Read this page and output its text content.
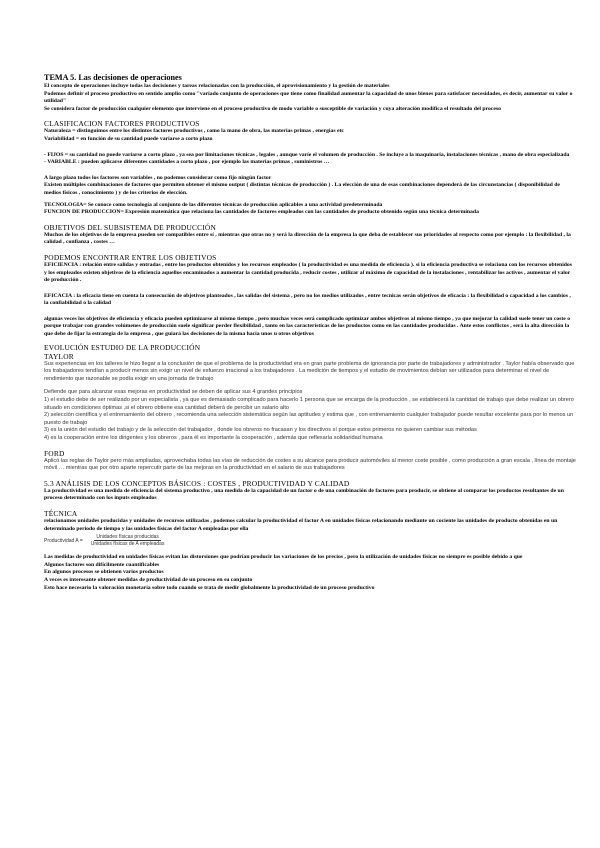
TEMA 5. Las decisiones de operaciones

El concepto de operaciones incluye todas las decisiones y tareas relacionadas con la producción, el aprovisionamiento y la gestión de materiales

Podemos definir el proceso productivo en sentido amplio como "variado conjunto de operaciones que tiene como finalidad aumentar la capacidad de unos bienes para satisfacer necesidades, es decir, aumentar su valor o utilidad"

Se considera factor de producción cualquier elemento que interviene en el proceso productivo de modo variable o susceptible de variación y cuya alteración modifica el resultado del proceso

CLASIFICACION FACTORES PRODUCTIVOS

Naturaleza = distinguimos entre los distintos factores productivos , como la mano de obra, las materias primas , energías etc

Variabilidad = en función de su cantidad puede variarse a corto plazo

- FIJOS = su cantidad no puede variarse a corto plazo , ya sea por limitaciones técnicas , legales , aunque varíe el volumen de producción . Se incluye a la maquinaria, instalaciones técnicas , mano de obra especializada

- VARIABLE : pueden aplicarse diferentes cantidades a corto plazo , por ejemplo las materias primas , suministros …

A largo plazo todos los factores son variables , no podemos considerar como fijo ningún factor

Existen múltiples combinaciones de factores que permiten obtener el mismo output ( distintas técnicas de producción ) . La elección de una de esas combinaciones dependerá de las circunstancias ( disponibilidad de medios físicos , conocimiento ) y de los criterios de elección.

TECNOLOGIA= Se conoce como tecnología al conjunto de las diferentes técnicas de producción aplicables a una actividad predeterminada

FUNCION DE PRODUCCION= Expresión matemática que relaciona las cantidades de factores empleados con las cantidades de producto obtenido según una técnica determinada

OBJETIVOS DEL SUBSISTEMA DE PRODUCCIÓN

Muchos de los objetivos de la empresa pueden ser compatibles entre sí , mientras que otras no y será la dirección de la empresa la que deba de establecer sus prioridades al respecto como por ejemplo : la flexibilidad , la calidad , confianza , costes …

PODEMOS ENCONTRAR ENTRE LOS OBJETIVOS

EFICIENCIA : relación entre salidas y entradas , entre los productos obtenidos y los recursos empleados ( la productividad es una medida de eficiencia ). si la eficiencia productiva se relaciona con los recursos obtenidos y los empleados existen objetivos de la eficiencia aquellos encaminados a aumentar la cantidad producida , reducir costes , utilizar al máximo de capacidad de la instalaciones , rentabilizar los activos , aumentar el valor de producción .

EFICACIA : la eficacia tiene en cuenta la consecución de objetivos planteados , las salidas del sistema , pero no los medios utilizados , entre tecnicas serán objetivos de eficacia : la flexibilidad o capacidad a los cambios , la confiabilidad o la calidad

algunas veces los objetivos de eficiencia y eficacia pueden optimizarse al mismo tiempo , pero muchas veces será complicado optimizar ambos objetivos al mismo tiempo , ya que mejorar la calidad suele tener un coste o porque trabajar con grandes volúmenes de producción suele significar perder flexibilidad , tanto en las características de los productos como en las cantidades producidas . Ante estos conflictos , será la alta dirección la que debe de fijar la estrategia de la empresa , que guiará las decisiones de la misma hacia unos u otros objetivos

EVOLUCIÓN ESTUDIO DE LA PRODUCCIÓN

TAYLOR

Sus experiencias en los talleres le hizo llegar a la conclusión de que el problema de la productividad era en gran parte problema de ignorancia por parte de trabajadores y administrador . Taylor había observado que los trabajadores tendían a producir menos sin exigir un nivel de esfuerzo irracional a los trabajadores . La medición de tiempos y el estudio de movimientos debían ser utilizados para determinar el nivel de rendimiento que razonable se podía exigir en una jornada de trabajo

Defiende que para alcanzar esas mejoras en productividad se deben de aplicar sus 4 grandes principios

1) el estudio debe de ser realizado por un especialista , ya que es demasiado complicado para hacerlo 1 persona que se encarga de la producción , se establecerá la cantidad de trabajo que debe realizar un obrero situado en condiciones óptimas ,si el obrero obtiene esa cantidad deberá de percibir un salario alto

2) selección científica y el entrenamiento del obrero , recomienda una selección sistemática según las aptitudes y estima que , con entrenamiento cualquier trabajador puede resultar excelente para por lo menos un puesto de trabajo

3) es la unión del estudio del trabajo y de la selección del trabajador , donde los obreros no fracasan y los directivos sí porque estos primeros no quieren cambiar sus métodas

4) es la cooperación entre los dirigentes y los obreros , para él es importante la cooperación , además que reflexaría solidaridad humana

FORD

Aplicó las reglas de Taylor pero más ampliadas, aprovechaba todas las vías de reducción de costes a su alcance para producir automóviles al menor coste posible , como producción a gran escala , línea de montaje móvil … mientras que por otro aparte repercutir parte de las mejoras en la productividad en el salario de sus trabajadores

5.3 ANÁLISIS DE LOS CONCEPTOS BÁSICOS : COSTES , PRODUCTIVIDAD Y CALIDAD

La productividad es una medida de eficiencia del sistema productivo , una medida de la capacidad de un factor o de una combinación de factores para producir, se obtiene al comparar los productos resultantes de un proceso determinado con los inputs empleados

TÉCNICA

relacionamos unidades producidas y unidades de recursos utilizadas , podemos calcular la productividad el factor A en unidades físicas relacionando mediante un cociente las unidades de producto obtenidas en un determinado periodo de tiempo y las unidades físicas del factor A empleadas por ella

Productividad $A = \frac{\text{Unidades físicas producidas}}{\text{Unidades físicas de A empleadas}}$

Las medidas de productividad en unidades físicas evitan las distorsiones que podrían producir las variaciones de los precios , pero la utilización de unidades físicas no siempre es posible debido a que

Algunos factores son difícilmente cuantificables

En algunos procesos se obtienen varios productos

A veces es interesante obtener medidas de productividad de un proceso en su conjunto

Esto hace necesario la valoración monetaria sobre todo cuando se trata de medir globalmente la productividad de un proceso productivo
